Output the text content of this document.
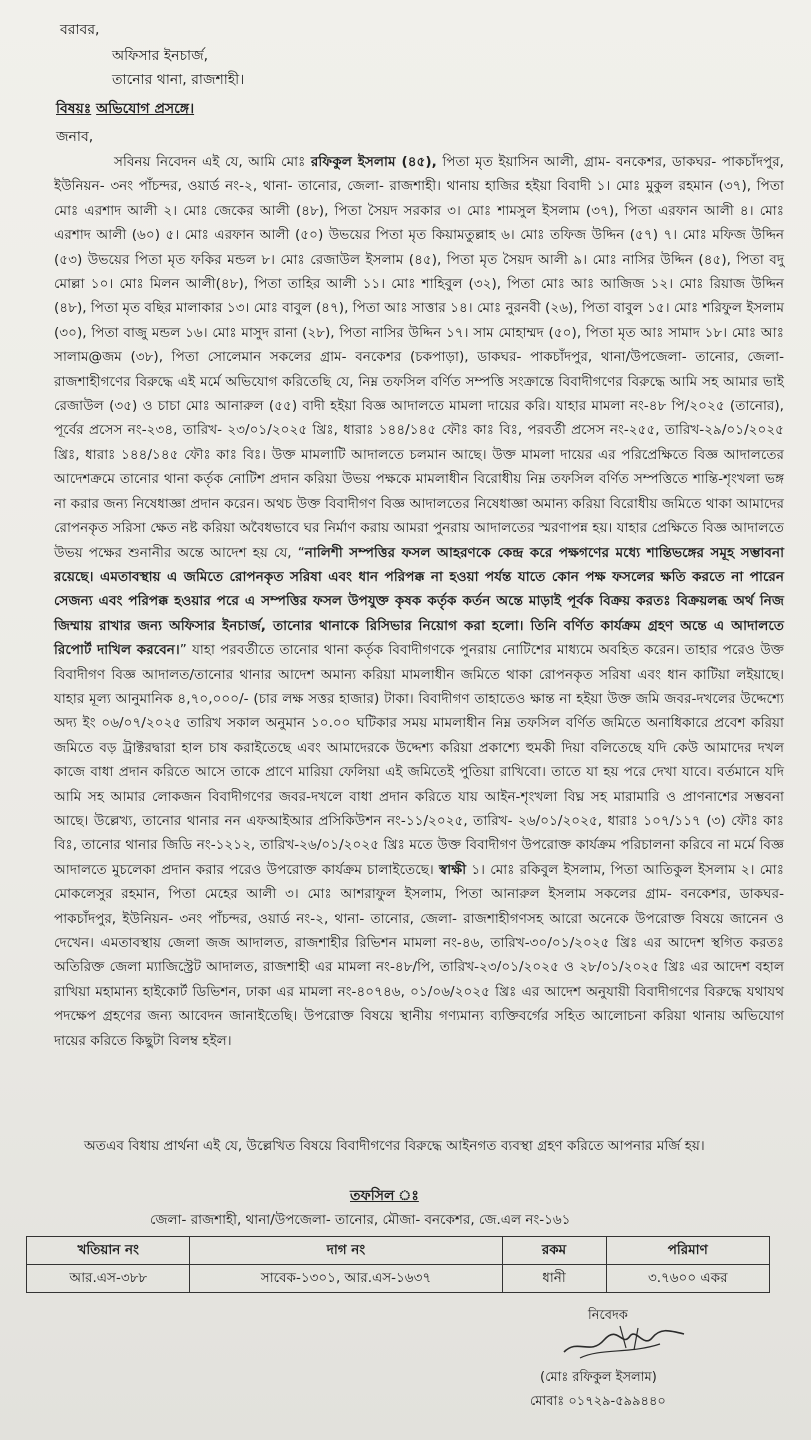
বরাবর,
অফিসার ইনচার্জ,
তানোর থানা, রাজশাহী।
বিষয়ঃ অভিযোগ প্রসঙ্গে।
জনাব,

সবিনয় নিবেদন এই যে, আমি মোঃ রফিকুল ইসলাম (৪৫), পিতা মৃত ইয়াসিন আলী, গ্রাম- বনকেশর, ডাকঘর- পাকচাঁদপুর, ইউনিয়ন- ৩নং পাঁচন্দর, ওয়ার্ড নং-২, থানা- তানোর, জেলা- রাজশাহী। থানায় হাজির হইয়া বিবাদী ১। মোঃ মুকুল রহমান (৩৭), পিতা মোঃ এরশাদ আলী ২। মোঃ জেকের আলী (৪৮), পিতা সৈয়দ সরকার ৩। মোঃ শামসুল ইসলাম (৩৭), পিতা এরফান আলী ৪। মোঃ এরশাদ আলী (৬০) ৫। মোঃ এরফান আলী (৫০) উভয়ের পিতা মৃত কিয়ামতুল্লাহ ৬। মোঃ তফিজ উদ্দিন (৫৭) ৭। মোঃ মফিজ উদ্দিন (৫৩) উভয়ের পিতা মৃত ফকির মন্ডল ৮। মোঃ রেজাউল ইসলাম (৪৫), পিতা মৃত সৈয়দ আলী ৯। মোঃ নাসির উদ্দিন (৪৫), পিতা বদু মোল্লা ১০। মোঃ মিলন আলী(৪৮), পিতা তাহির আলী ১১। মোঃ শাহিবুল (৩২), পিতা মোঃ আঃ আজিজ ১২। মোঃ রিয়াজ উদ্দিন (৪৮), পিতা মৃত বছির মালাকার ১৩। মোঃ বাবুল (৪৭), পিতা আঃ সাত্তার ১৪। মোঃ নুরনবী (২৬), পিতা বাবুল ১৫। মোঃ শরিফুল ইসলাম (৩০), পিতা বাজু মন্ডল ১৬। মোঃ মাসুদ রানা (২৮), পিতা নাসির উদ্দিন ১৭। সাম মোহাম্মদ (৫০), পিতা মৃত আঃ সামাদ ১৮। মোঃ আঃ সালাম@জম (৩৮), পিতা সোলেমান সকলের গ্রাম- বনকেশর (চকপাড়া), ডাকঘর- পাকচাঁদপুর, থানা/উপজেলা- তানোর, জেলা- রাজশাহীগণের বিরুদ্ধে এই মর্মে অভিযোগ করিতেছি যে, নিম্ন তফসিল বর্ণিত সম্পত্তি সংক্রান্তে বিবাদীগণের বিরুদ্ধে আমি সহ আমার ভাই রেজাউল (৩৫) ও চাচা মোঃ আনারুল (৫৫) বাদী হইয়া বিজ্ঞ আদালতে মামলা দায়ের করি। যাহার মামলা নং-৪৮ পি/২০২৫ (তানোর), পূর্বের প্রসেস নং-২৩৪, তারিখ- ২৩/০১/২০২৫ খ্রিঃ, ধারাঃ ১৪৪/১৪৫ ফৌঃ কাঃ বিঃ, পরবর্তী প্রসেস নং-২৫৫, তারিখ-২৯/০১/২০২৫ খ্রিঃ, ধারাঃ ১৪৪/১৪৫ ফৌঃ কাঃ বিঃ। উক্ত মামলাটি আদালতে চলমান আছে। উক্ত মামলা দায়ের এর পরিপ্রেক্ষিতে বিজ্ঞ আদালতের আদেশক্রমে তানোর থানা কর্তৃক নোটিশ প্রদান করিয়া উভয় পক্ষকে মামলাধীন বিরোধীয় নিম্ন তফসিল বর্ণিত সম্পত্তিতে শান্তি-শৃংখলা ভঙ্গ না করার জন্য নিষেধাজ্ঞা প্রদান করেন। অথচ উক্ত বিবাদীগণ বিজ্ঞ আদালতের নিষেধাজ্ঞা অমান্য করিয়া বিরোধীয় জমিতে থাকা আমাদের রোপনকৃত সরিসা ক্ষেত নষ্ট করিয়া অবৈধভাবে ঘর নির্মাণ করায় আমরা পুনরায় আদালতের স্মরণাপন্ন হয়। যাহার প্রেক্ষিতে বিজ্ঞ আদালতে উভয় পক্ষের শুনানীর অন্তে আদেশ হয় যে, “নালিশী সম্পত্তির ফসল আহরণকে কেন্দ্র করে পক্ষগণের মধ্যে শান্তিভঙ্গের সমূহ সম্ভাবনা রয়েছে। এমতাবস্থায় এ জমিতে রোপনকৃত সরিষা এবং ধান পরিপক্ক না হওয়া পর্যন্ত যাতে কোন পক্ষ ফসলের ক্ষতি করতে না পারেন সেজন্য এবং পরিপক্ক হওয়ার পরে এ সম্পত্তির ফসল উপযুক্ত কৃষক কর্তৃক কর্তন অন্তে মাড়াই পূর্বক বিক্রয় করতঃ বিক্রয়লব্ধ অর্থ নিজ জিম্মায় রাখার জন্য অফিসার ইনচার্জ, তানোর থানাকে রিসিভার নিয়োগ করা হলো। তিনি বর্ণিত কার্যক্রম গ্রহণ অন্তে এ আদালতে রিপোর্ট দাখিল করবেন।” যাহা পরবর্তীতে তানোর থানা কর্তৃক বিবাদীগণকে পুনরায় নোটিশের মাধ্যমে অবহিত করেন। তাহার পরেও উক্ত বিবাদীগণ বিজ্ঞ আদালত/তানোর থানার আদেশ অমান্য করিয়া মামলাধীন জমিতে থাকা রোপনকৃত সরিষা এবং ধান কাটিয়া লইয়াছে। যাহার মূল্য আনুমানিক ৪,৭০,০০০/- (চার লক্ষ সত্তর হাজার) টাকা। বিবাদীগণ তাহাতেও ক্ষান্ত না হইয়া উক্ত জমি জবর-দখলের উদ্দেশ্যে অদ্য ইং ০৬/০৭/২০২৫ তারিখ সকাল অনুমান ১০.০০ ঘটিকার সময় মামলাধীন নিম্ন তফসিল বর্ণিত জমিতে অনাধিকারে প্রবেশ করিয়া জমিতে বড় ট্রাক্টরদ্বারা হাল চাষ করাইতেছে এবং আমাদেরকে উদ্দেশ্য করিয়া প্রকাশ্যে হুমকী দিয়া বলিতেছে যদি কেউ আমাদের দখল কাজে বাধা প্রদান করিতে আসে তাকে প্রাণে মারিয়া ফেলিয়া এই জমিতেই পুতিয়া রাখিবো। তাতে যা হয় পরে দেখা যাবে। বর্তমানে যদি আমি সহ আমার লোকজন বিবাদীগণের জবর-দখলে বাধা প্রদান করিতে যায় আইন-শৃংখলা বিঘ্ন সহ মারামারি ও প্রাণনাশের সম্ভবনা আছে। উল্লেখ্য, তানোর থানার নন এফআইআর প্রসিকিউশন নং-১১/২০২৫, তারিখ- ২৬/০১/২০২৫, ধারাঃ ১০৭/১১৭ (৩) ফৌঃ কাঃ বিঃ, তানোর থানার জিডি নং-১২১২, তারিখ-২৬/০১/২০২৫ খ্রিঃ মতে উক্ত বিবাদীগণ উপরোক্ত কার্যক্রম পরিচালনা করিবে না মর্মে বিজ্ঞ আদালতে মুচলেকা প্রদান করার পরেও উপরোক্ত কার্যক্রম চালাইতেছে। স্বাক্ষী ১। মোঃ রকিবুল ইসলাম, পিতা আতিকুল ইসলাম ২। মোঃ মোকলেসুর রহমান, পিতা মেহের আলী ৩। মোঃ আশরাফুল ইসলাম, পিতা আনারুল ইসলাম সকলের গ্রাম- বনকেশর, ডাকঘর- পাকচাঁদপুর, ইউনিয়ন- ৩নং পাঁচন্দর, ওয়ার্ড নং-২, থানা- তানোর, জেলা- রাজশাহীগণসহ আরো অনেকে উপরোক্ত বিষয়ে জানেন ও দেখেন। এমতাবস্থায় জেলা জজ আদালত, রাজশাহীর রিভিশন মামলা নং-৪৬, তারিখ-৩০/০১/২০২৫ খ্রিঃ এর আদেশ স্থগিত করতঃ অতিরিক্ত জেলা ম্যাজিস্ট্রেট আদালত, রাজশাহী এর মামলা নং-৪৮/পি, তারিখ-২৩/০১/২০২৫ ও ২৮/০১/২০২৫ খ্রিঃ এর আদেশ বহাল রাখিয়া মহামান্য হাইকোর্ট ডিভিশন, ঢাকা এর মামলা নং-৪০৭৪৬, ০১/০৬/২০২৫ খ্রিঃ এর আদেশ অনুযায়ী বিবাদীগণের বিরুদ্ধে যথাযথ পদক্ষেপ গ্রহণের জন্য আবেদন জানাইতেছি। উপরোক্ত বিষয়ে স্থানীয় গণ্যমান্য ব্যক্তিবর্গের সহিত আলোচনা করিয়া থানায় অভিযোগ দায়ের করিতে কিছুটা বিলম্ব হইল।

অতএব বিধায় প্রার্থনা এই যে, উল্লেখিত বিষয়ে বিবাদীগণের বিরুদ্ধে আইনগত ব্যবস্থা গ্রহণ করিতে আপনার মর্জি হয়।
তফসিল ঃ
জেলা- রাজশাহী, থানা/উপজেলা- তানোর, মৌজা- বনকেশর, জে.এল নং-১৬১
খতিয়ান নং	দাগ নং	রকম	পরিমাণ
আর.এস-৩৮৮	সাবেক-১৩০১, আর.এস-১৬৩৭	ধানী	৩.৭৬০০ একর
নিবেদক
(মোঃ রফিকুল ইসলাম)
মোবাঃ ০১৭২৯-৫৯৯৪৪০
